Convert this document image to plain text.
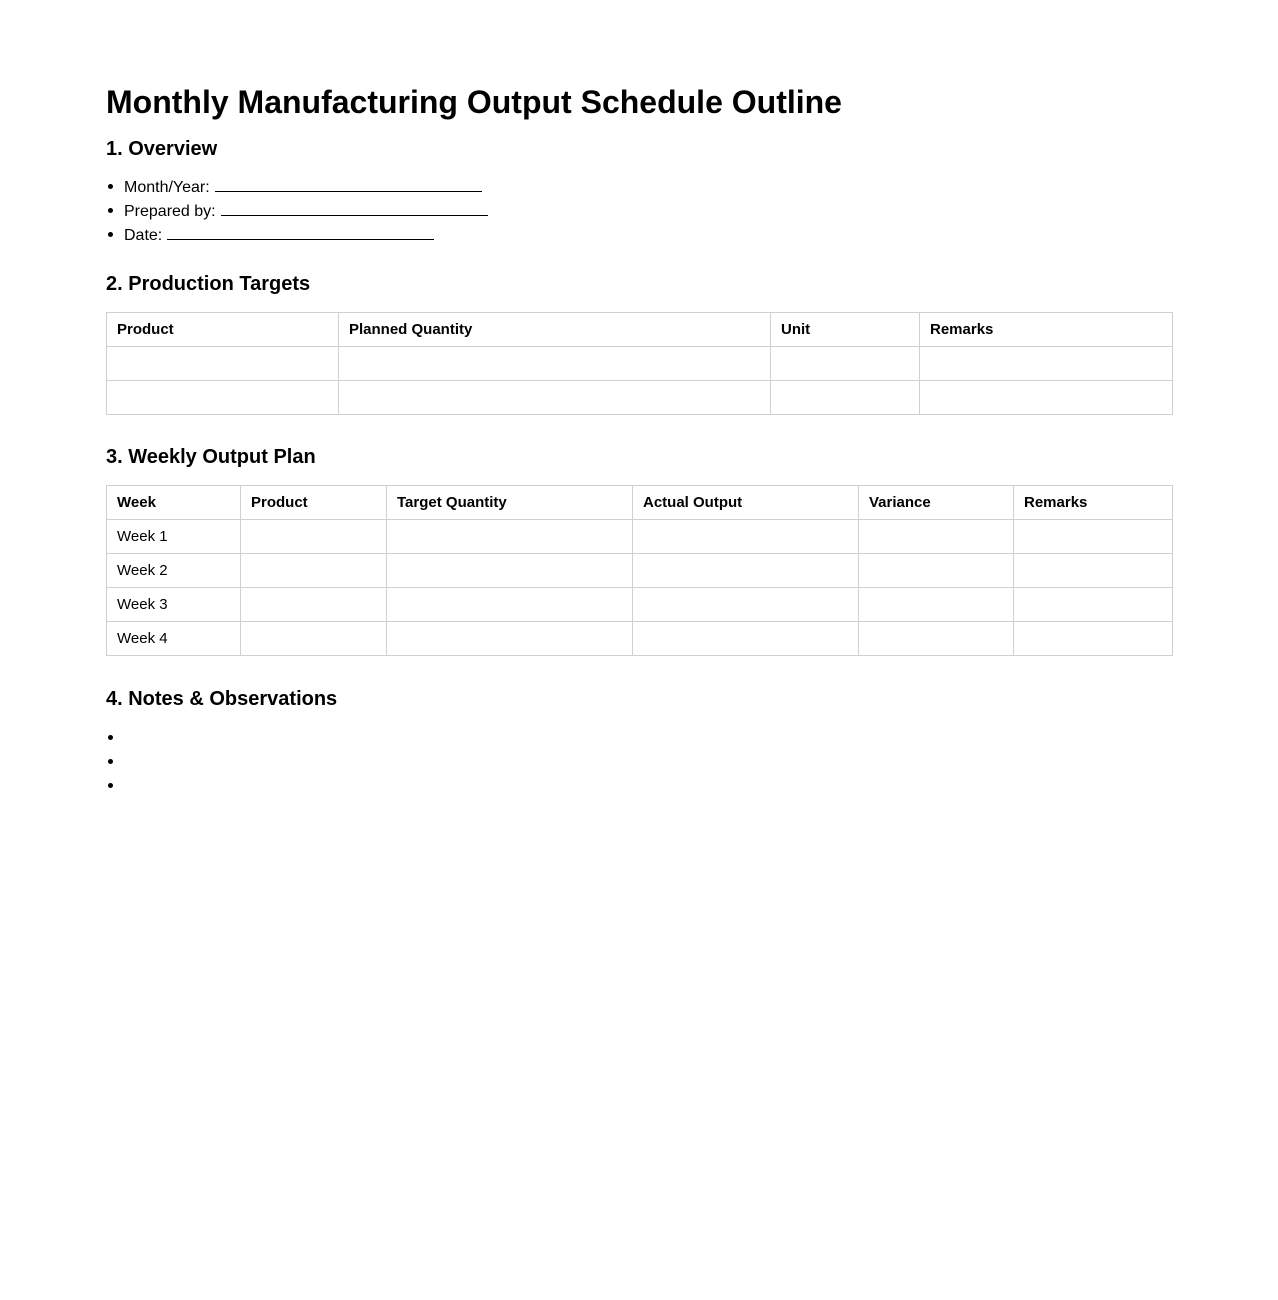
Monthly Manufacturing Output Schedule Outline
1. Overview
Month/Year:
Prepared by:
Date:
2. Production Targets
Product	Planned Quantity	Unit	Remarks

3. Weekly Output Plan
Week	Product	Target Quantity	Actual Output	Variance	Remarks
Week 1					
Week 2					
Week 3					
Week 4					
4. Notes & Observations
